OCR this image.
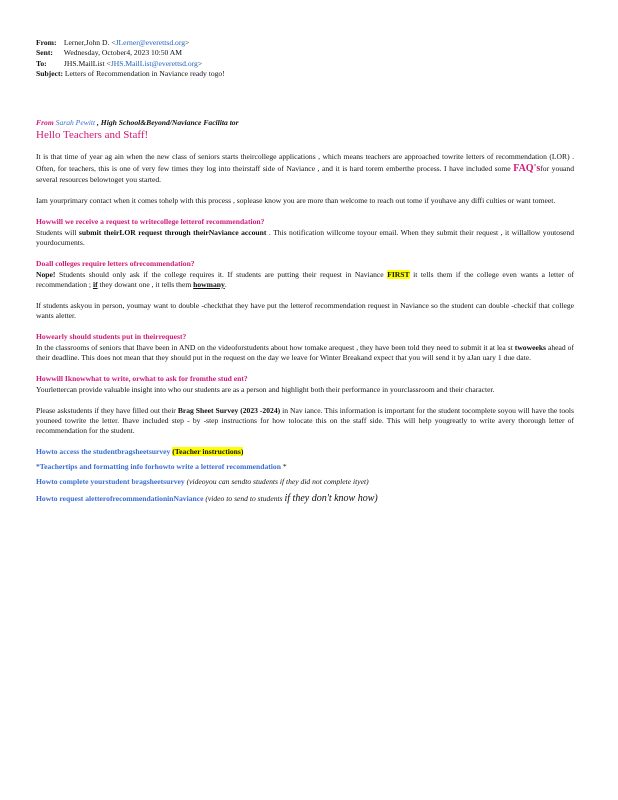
From: Lerner,John D. <JLerner@everettsd.org>
Sent: Wednesday, October4, 2023 10:50 AM
To: JHS.MailList <JHS.MailList@everettsd.org>
Subject: Letters of Recommendation in Naviance ready togo!
From Sarah Pewitt , High School&Beyond/Naviance Facilita tor
Hello Teachers and Staff!

It is that time of year ag ain when the new class of seniors starts theircollege applications , which means teachers are approached towrite letters of recommendation (LOR) . Often, for teachers, this is one of very few times they log into theirstaff side of Naviance , and it is hard torem emberthe process. I have included some FAQ'sfor youand several resources belowtoget you started.

Iam yourprimary contact when it comes tohelp with this process , soplease know you are more than welcome to reach out tome if youhave any diffi culties or want tomeet.

Howwill we receive a request to writecollege letterof recommendation?

Students will submit theirLOR request through theirNaviance account . This notification willcome toyour email. When they submit their request , it willallow youtosend yourdocuments.

Doall colleges require letters ofrecommendation?

Nope! Students should only ask if the college requires it. If students are putting their request in Naviance FIRST it tells them if the college even wants a letter of recommendation ; if they dowant one , it tells them howmany.

If students askyou in person, youmay want to double -checkthat they have put the letterof recommendation request in Naviance so the student can double -checkif that college wants aletter.

Howearly should students put in theirrequest?

In the classrooms of seniors that Ihave been in AND on the videoforstudents about how tomake arequest , they have been told they need to submit it at lea st twoweeks ahead of their deadline. This does not mean that they should put in the request on the day we leave for Winter Breakand expect that you will send it by aJan uary 1 due date.

Howwill Iknowwhat to write, orwhat to ask for fromthe stud ent?

Yourlettercan provide valuable insight into who our students are as a person and highlight both their performance in yourclassroom and their character.

Please askstudents if they have filled out their Brag Sheet Survey (2023 -2024) in Nav iance. This information is important for the student tocomplete soyou will have the tools youneed towrite the letter. Ihave included step - by -step instructions for how tolocate this on the staff side. This will help yougreatly to write avery thorough letter of recommendation for the student.

Howto access the studentbragsheetsurvey (Teacher instructions)
*Teachertips and formatting info forhowto write a letterof recommendation *
Howto complete yourstudent bragsheetsurvey (videoyou can sendto students if they did not complete ityet)
Howto request aletterofrecommendationinNaviance (video to send to students if they don't know how)
